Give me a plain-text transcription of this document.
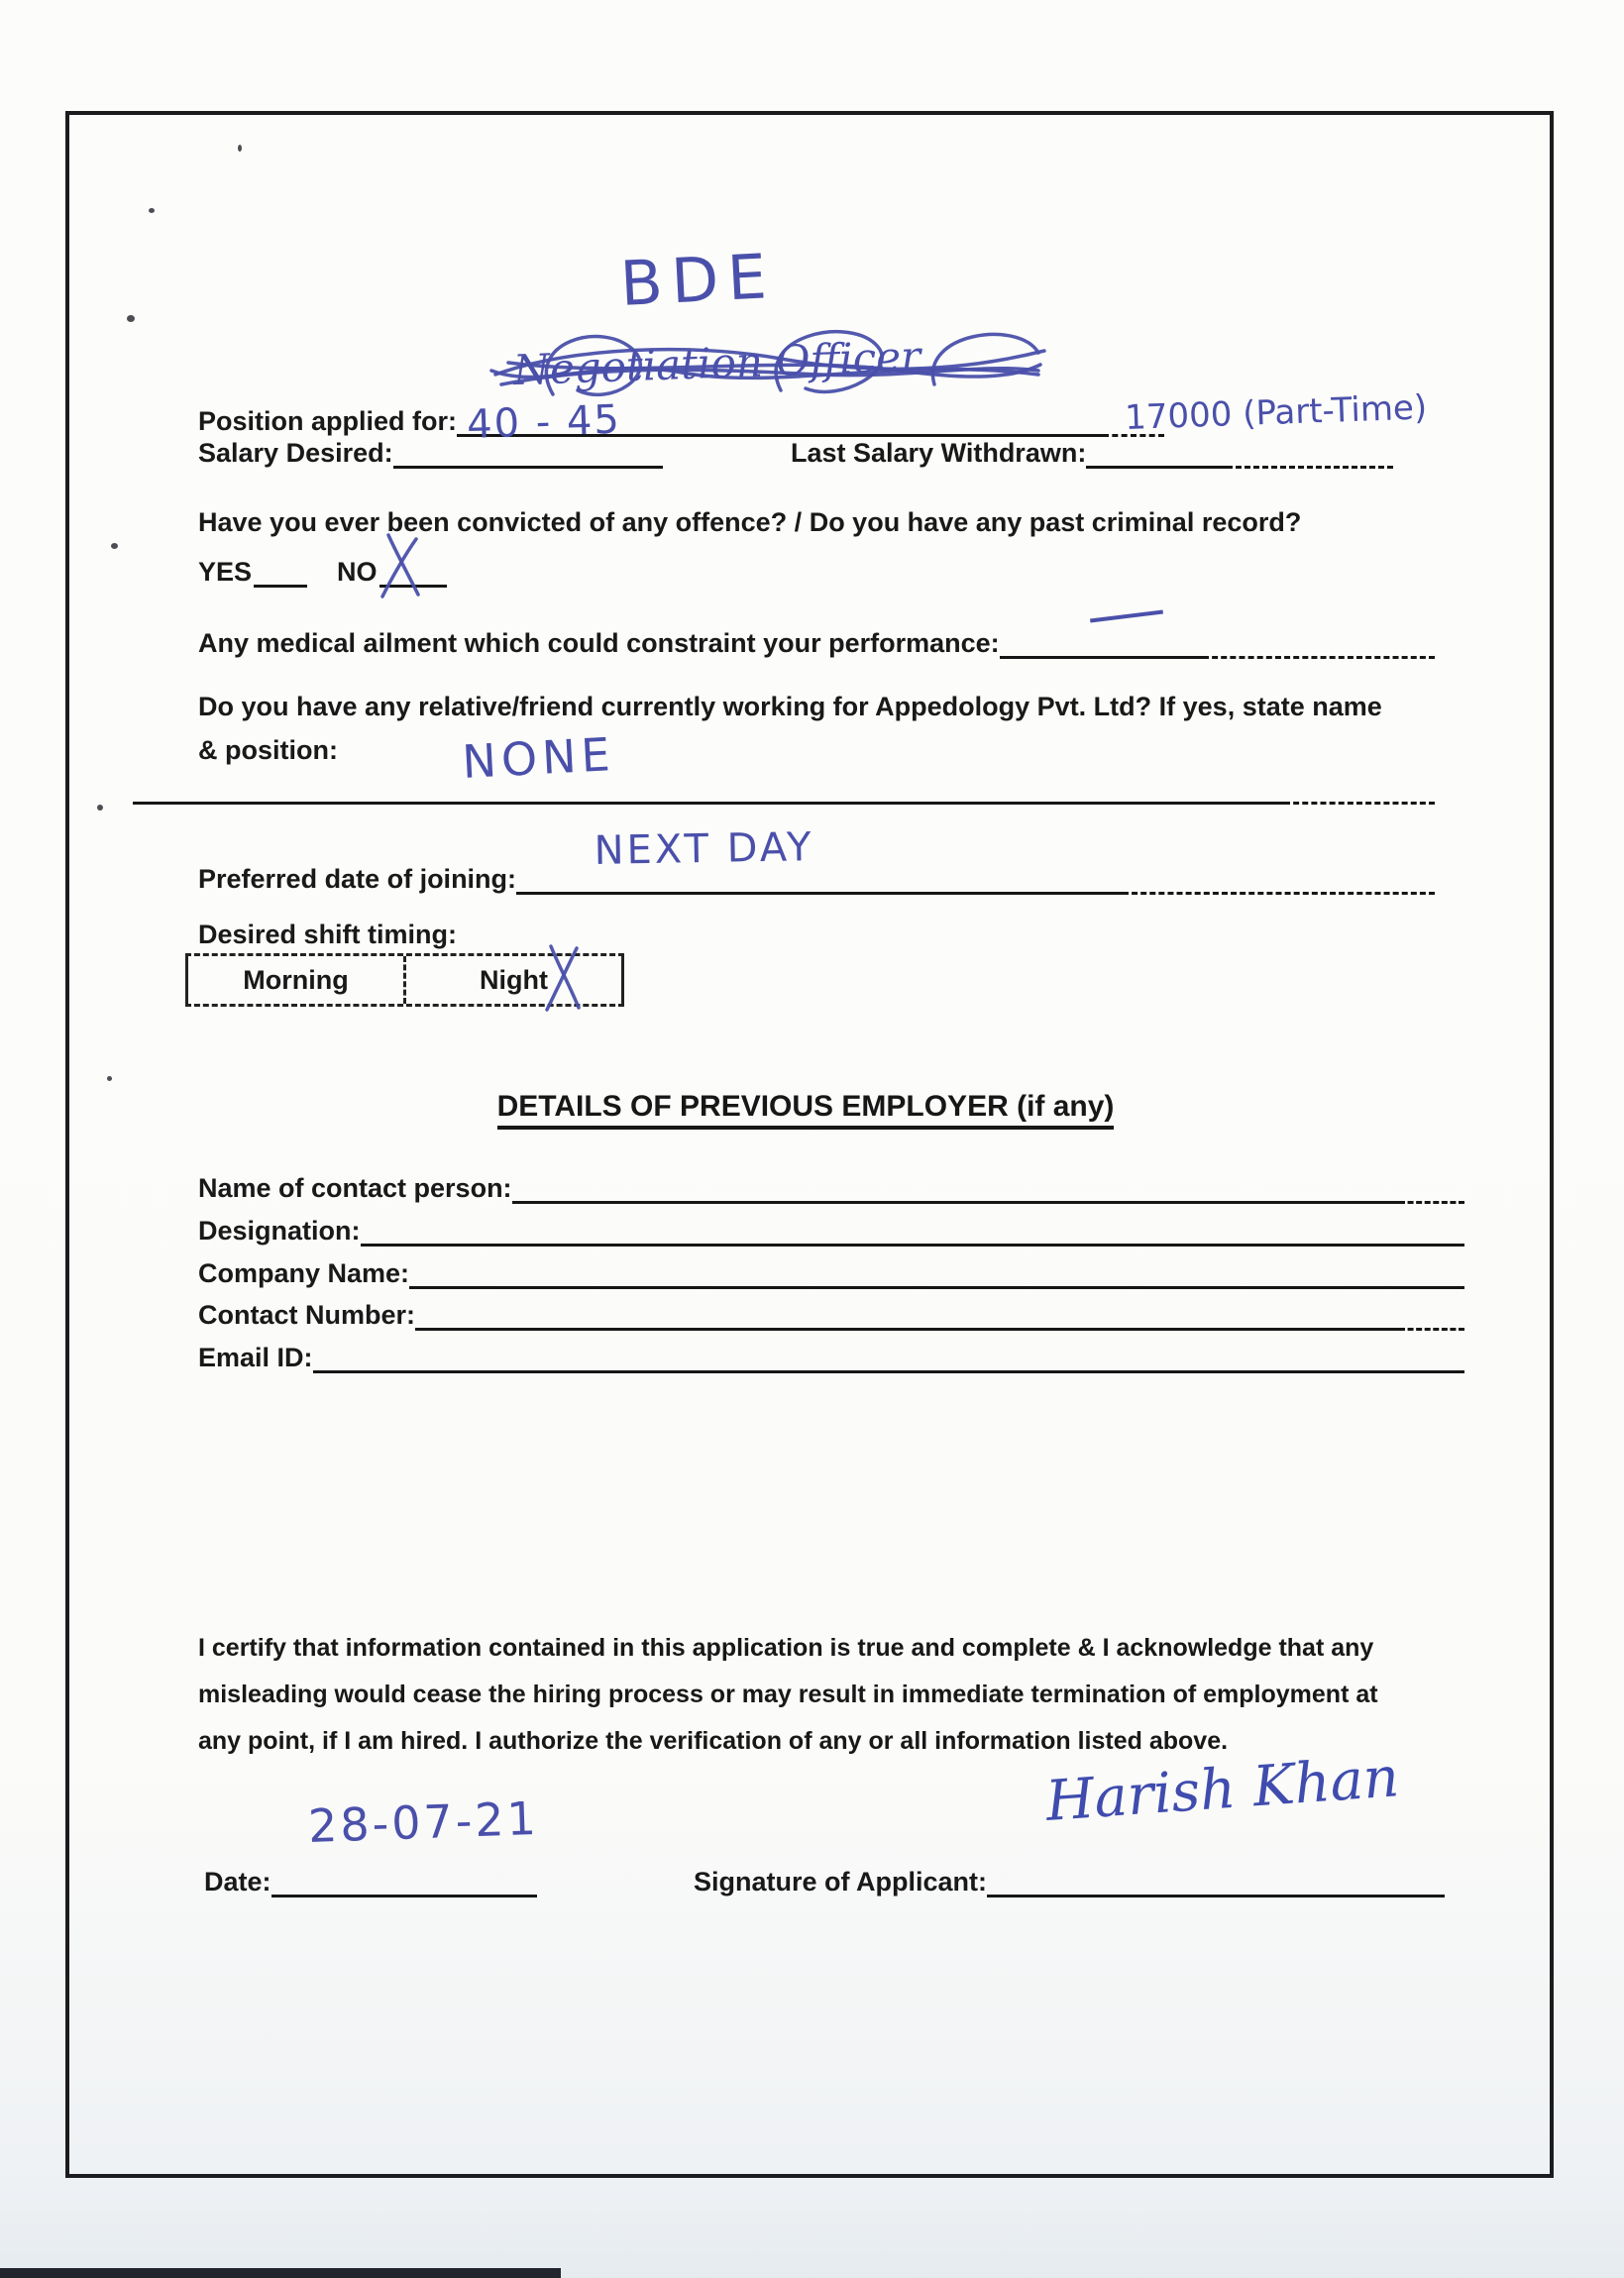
BDE
Position applied for:
Negotiation Officer
Salary Desired:
40 - 45
Last Salary Withdrawn:
17000 (Part-Time)
Have you ever been convicted of any offence? / Do you have any past criminal record?
YES	NO
Any medical ailment which could constraint your performance:
Do you have any relative/friend currently working for Appedology Pvt. Ltd? If yes, state name
& position:	NONE
Preferred date of joining:
NEXT DAY
Desired shift timing:
Morning	Night
DETAILS OF PREVIOUS EMPLOYER (if any)
Name of contact person:
Designation:
Company Name:
Contact Number:
Email ID:
I certify that information contained in this application is true and complete & I acknowledge that any misleading would cease the hiring process or may result in immediate termination of employment at any point, if I am hired. I authorize the verification of any or all information listed above.
Date:
28-07-21
Signature of Applicant:
Harish Khan
